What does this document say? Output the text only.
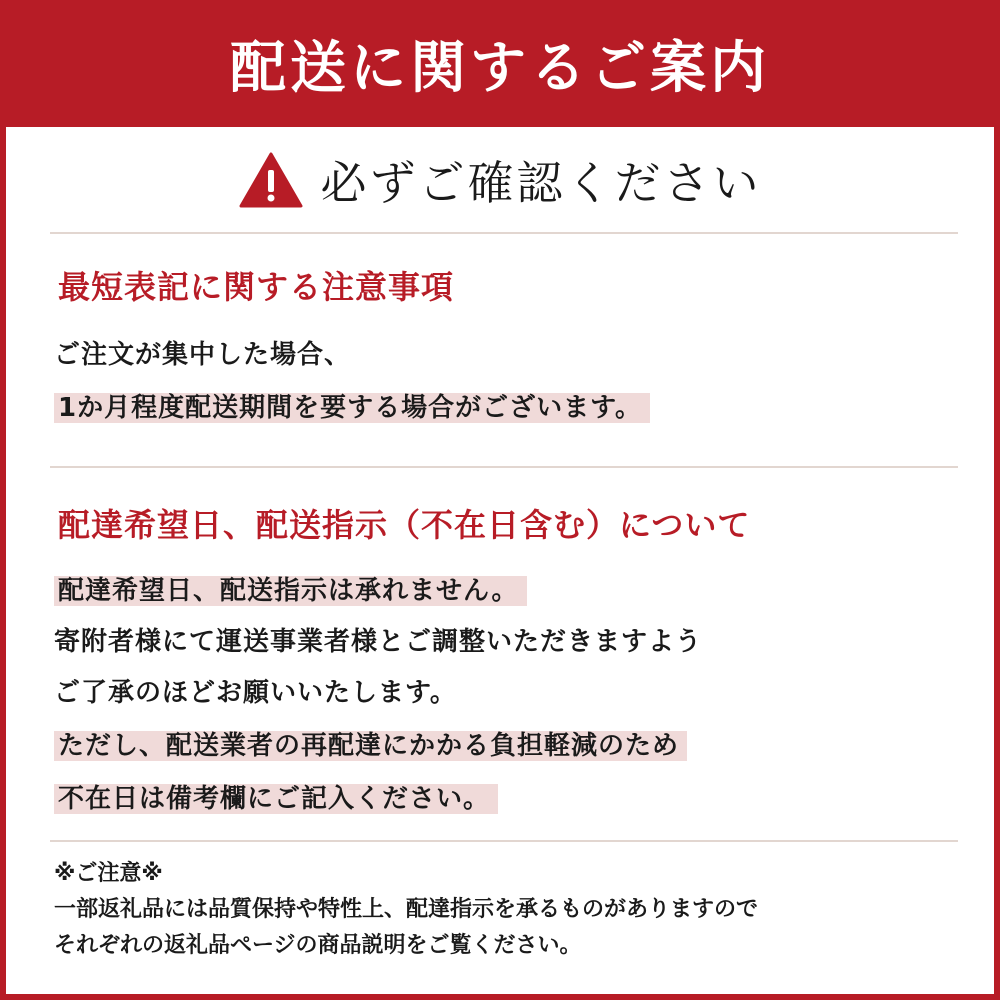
配送に関するご案内
必ずご確認ください
最短表記に関する注意事項
ご注文が集中した場合、
1か月程度配送期間を要する場合がございます。
配達希望日、配送指示（不在日含む）について
配達希望日、配送指示は承れません。
寄附者様にて運送事業者様とご調整いただきますよう
ご了承のほどお願いいたします。
ただし、配送業者の再配達にかかる負担軽減のため
不在日は備考欄にご記入ください。
※ご注意※
一部返礼品には品質保持や特性上、配達指示を承るものがありますので
それぞれの返礼品ページの商品説明をご覧ください。
